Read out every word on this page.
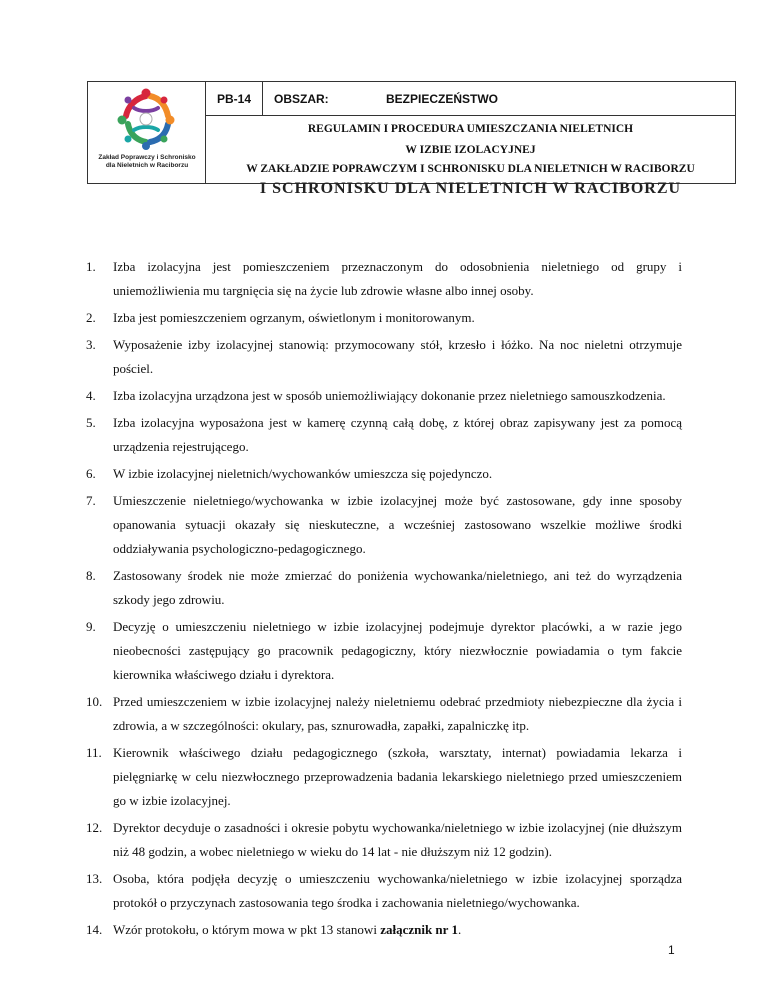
Zakład Poprawczy i Schronisko
dla Nieletnich w Raciborzu
PB-14	OBSZAR:	BEZPIECZEŃSTWO
REGULAMIN I PROCEDURA UMIESZCZANIA NIELETNICH
W IZBIE IZOLACYJNEJ
W ZAKŁADZIE POPRAWCZYM I SCHRONISKU DLA NIELETNICH W RACIBORZU
I SCHRONISKU DLA NIELETNICH W RACIBORZU
1. Izba izolacyjna jest pomieszczeniem przeznaczonym do odosobnienia nieletniego od grupy i uniemożliwienia mu targnięcia się na życie lub zdrowie własne albo innej osoby.
2. Izba jest pomieszczeniem ogrzanym, oświetlonym i monitorowanym.
3. Wyposażenie izby izolacyjnej stanowią: przymocowany stół, krzesło i łóżko. Na noc nieletni otrzymuje pościel.
4. Izba izolacyjna urządzona jest w sposób uniemożliwiający dokonanie przez nieletniego samouszkodzenia.
5. Izba izolacyjna wyposażona jest w kamerę czynną całą dobę, z której obraz zapisywany jest za pomocą urządzenia rejestrującego.
6. W izbie izolacyjnej nieletnich/wychowanków umieszcza się pojedynczo.
7. Umieszczenie nieletniego/wychowanka w izbie izolacyjnej może być zastosowane, gdy inne sposoby opanowania sytuacji okazały się nieskuteczne, a wcześniej zastosowano wszelkie możliwe środki oddziaływania psychologiczno-pedagogicznego.
8. Zastosowany środek nie może zmierzać do poniżenia wychowanka/nieletniego, ani też do wyrządzenia szkody jego zdrowiu.
9. Decyzję o umieszczeniu nieletniego w izbie izolacyjnej podejmuje dyrektor placówki, a w razie jego nieobecności zastępujący go pracownik pedagogiczny, który niezwłocznie powiadamia o tym fakcie kierownika właściwego działu i dyrektora.
10. Przed umieszczeniem w izbie izolacyjnej należy nieletniemu odebrać przedmioty niebezpieczne dla życia i zdrowia, a w szczególności: okulary, pas, sznurowadła, zapałki, zapalniczkę itp.
11. Kierownik właściwego działu pedagogicznego (szkoła, warsztaty, internat) powiadamia lekarza i pielęgniarkę w celu niezwłocznego przeprowadzenia badania lekarskiego nieletniego przed umieszczeniem go w izbie izolacyjnej.
12. Dyrektor decyduje o zasadności i okresie pobytu wychowanka/nieletniego w izbie izolacyjnej (nie dłuższym niż 48 godzin, a wobec nieletniego w wieku do 14 lat - nie dłuższym niż 12 godzin).
13. Osoba, która podjęła decyzję o umieszczeniu wychowanka/nieletniego w izbie izolacyjnej sporządza protokół o przyczynach zastosowania tego środka i zachowania nieletniego/wychowanka.
14. Wzór protokołu, o którym mowa w pkt 13 stanowi załącznik nr 1.
1
